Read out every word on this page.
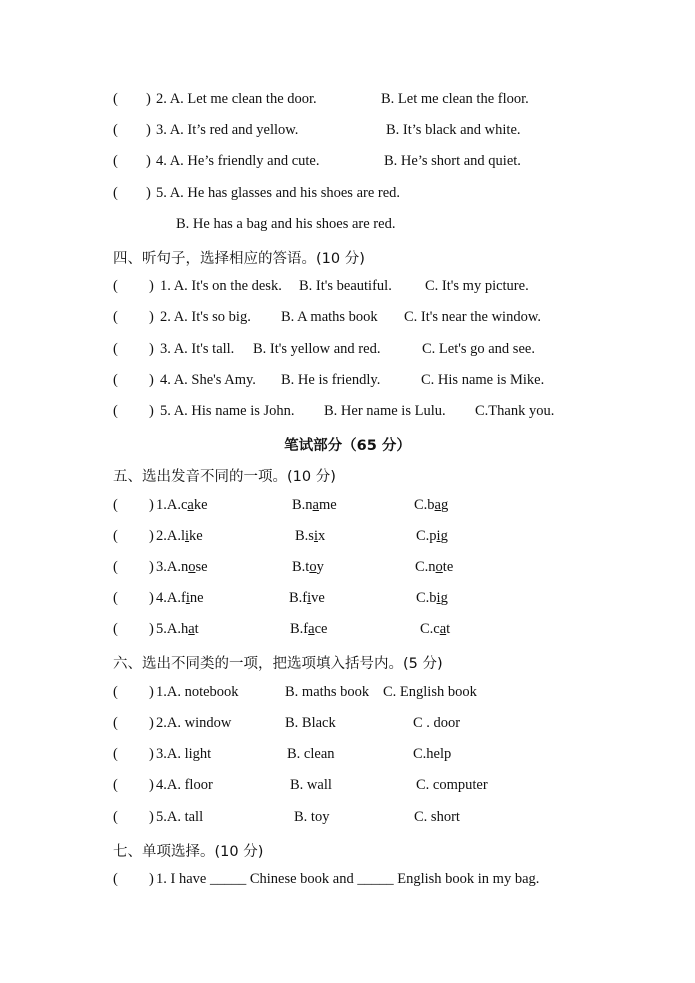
( ) 2. A. Let me clean the door.	B. Let me clean the floor.
( ) 3. A. It’s red and yellow.	B. It’s black and white.
( ) 4. A. He’s friendly and cute.	B. He’s short and quiet.
( ) 5. A. He has glasses and his shoes are red.
B. He has a bag and his shoes are red.
四、听句子，选择相应的答语。(10 分)
( ) 1. A. It's on the desk. B. It's beautiful. C. It's my picture.
( ) 2. A. It's so big. B. A maths book C. It's near the window.
( ) 3. A. It's tall. B. It's yellow and red.	C. Let's go and see.
( ) 4. A. She's Amy. B. He is friendly.	C. His name is Mike.
( ) 5. A. His name is John. B. Her name is Lulu. C.Thank you.
笔试部分（65 分）
五、选出发音不同的一项。(10 分)
( ) 1.A.cake	B.name	C.bag
( ) 2.A.like	B.six	C.pig
( ) 3.A.nose	B.toy	C.note
( ) 4.A.fine	B.five	C.big
( ) 5.A.hat	B.face	C.cat
六、选出不同类的一项，把选项填入括号内。(5 分)
( ) 1.A. notebook	B. maths book C. English book
( ) 2.A. window	B. Black	C . door
( ) 3.A. light	B. clean	C.help
( ) 4.A. floor	B. wall	C. computer
( ) 5.A. tall	B. toy	C. short
七、单项选择。(10 分)
( ) 1. I have _____ Chinese book and _____ English book in my bag.
